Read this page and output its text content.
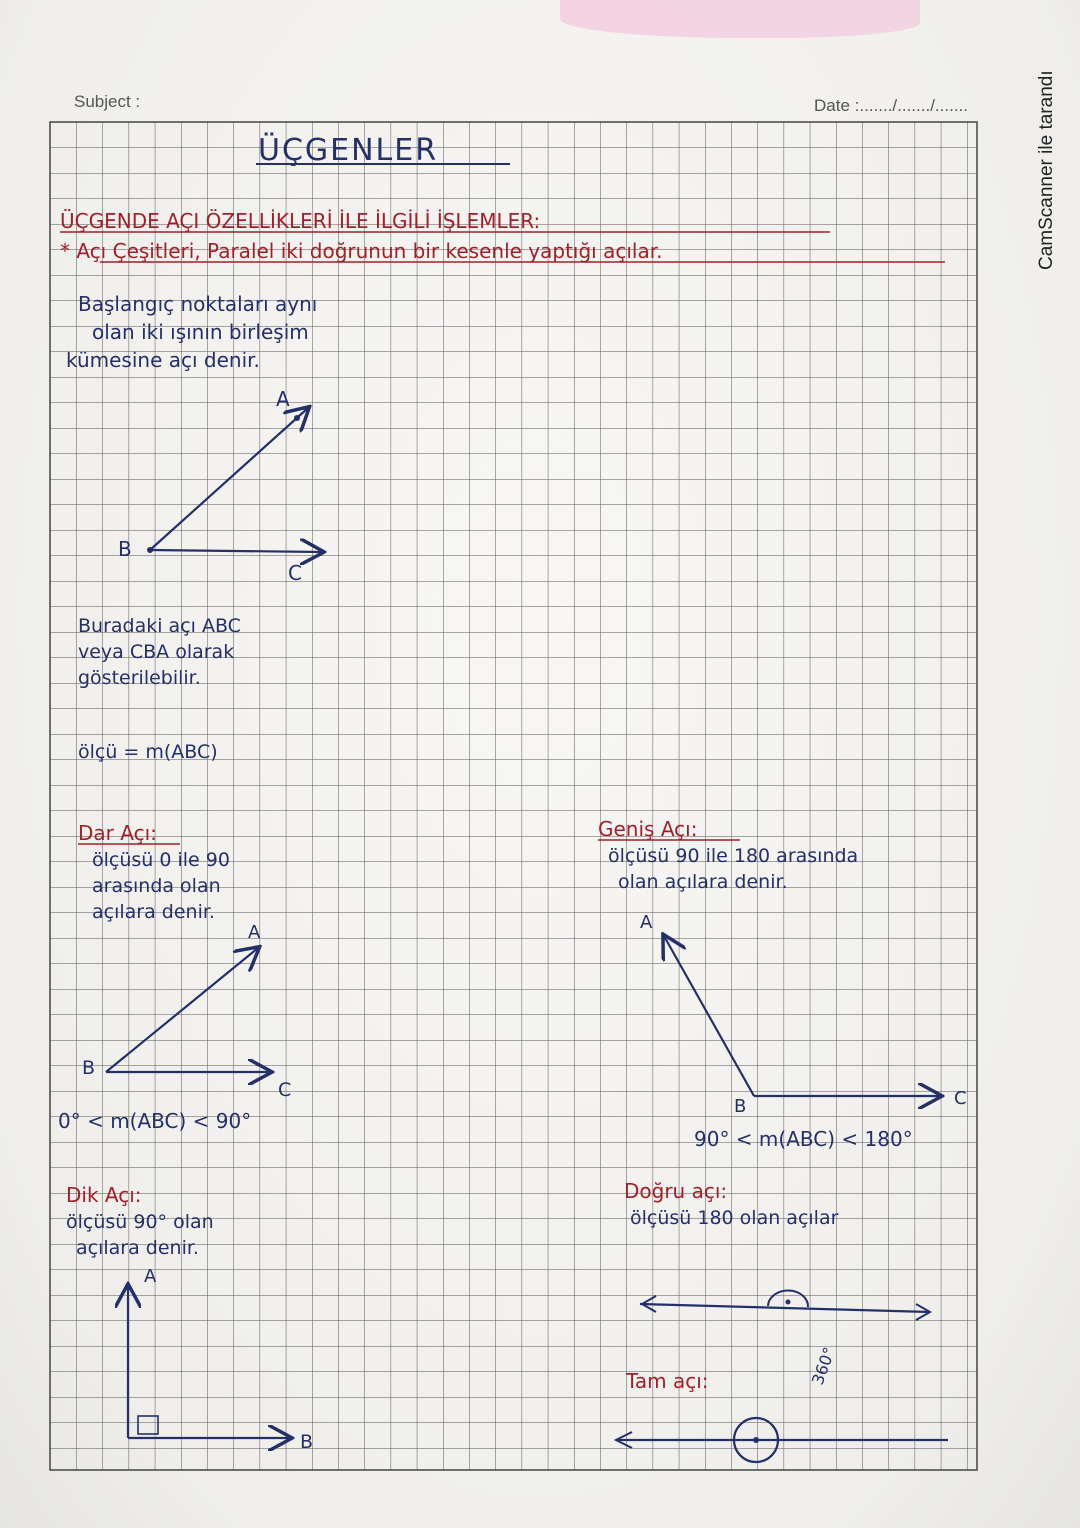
Subject :	Date :......./......./.......	CamScanner ile tarandı
ÜÇGENLER
ÜÇGENDE AÇI ÖZELLİKLERİ İLE İLGİLİ İŞLEMLER:
* Açı Çeşitleri, Paralel iki doğrunun bir kesenle yaptığı açılar.
Başlangıç noktaları aynı
olan iki ışının birleşim
kümesine açı denir.
A
B
C
Buradaki açı ABC
veya CBA olarak
gösterilebilir.
ölçü = m(ABC)
Dar Açı:
ölçüsü 0 ile 90
arasında olan
açılara denir.
A
B
C
0° < m(ABC) < 90°
Geniş Açı:
ölçüsü 90 ile 180 arasında
olan açılara denir.
A
B	C
90° < m(ABC) < 180°
Dik Açı:
ölçüsü 90° olan
açılara denir.
A
B
Doğru açı:
ölçüsü 180 olan açılar
Tam açı:	360°
